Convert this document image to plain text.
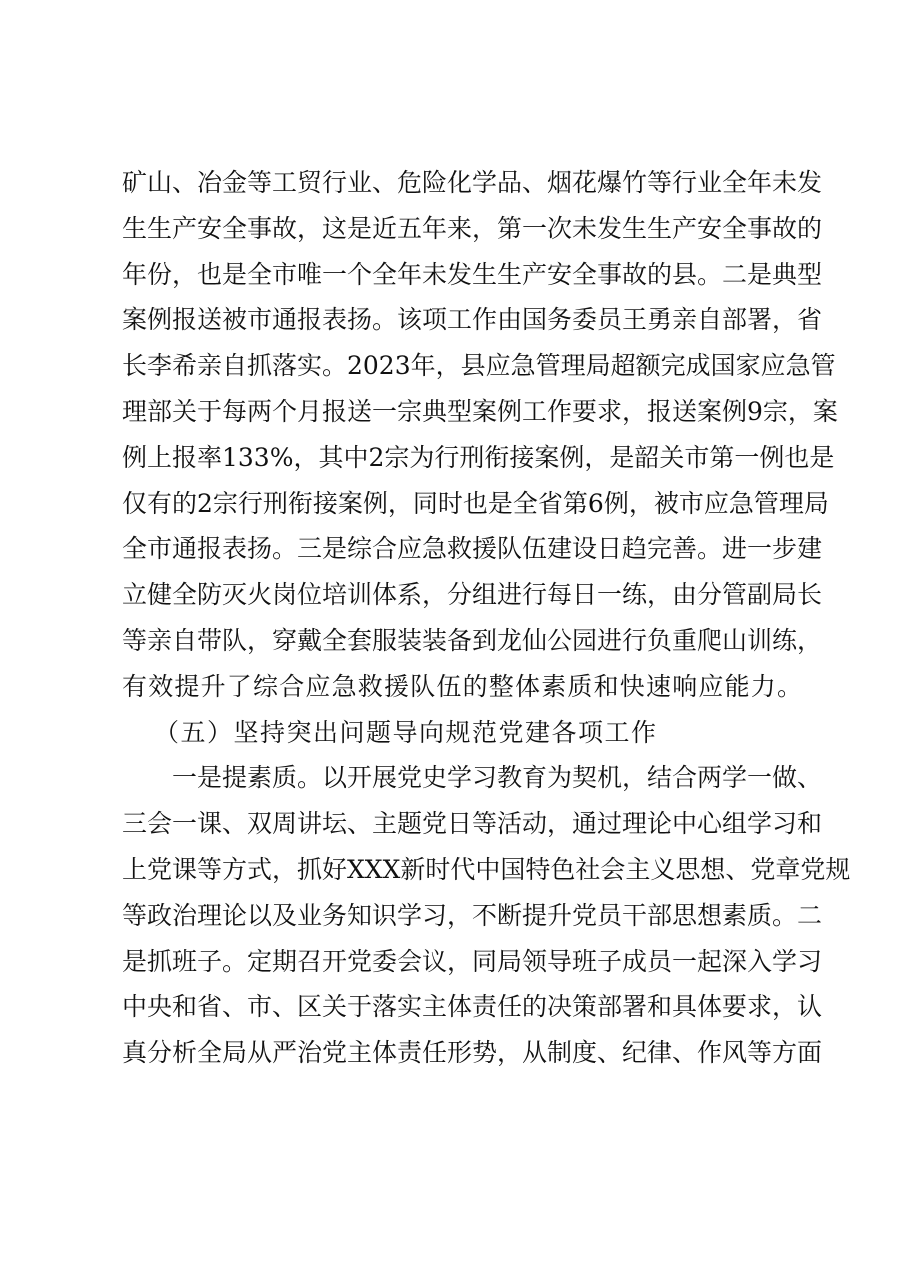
矿山、冶金等工贸行业、危险化学品、烟花爆竹等行业全年未发
生生产安全事故，这是近五年来，第一次未发生生产安全事故的
年份，也是全市唯一个全年未发生生产安全事故的县。二是典型
案例报送被市通报表扬。该项工作由国务委员王勇亲自部署，省
长李希亲自抓落实。2023年，县应急管理局超额完成国家应急管
理部关于每两个月报送一宗典型案例工作要求，报送案例9宗，案
例上报率133%，其中2宗为行刑衔接案例，是韶关市第一例也是
仅有的2宗行刑衔接案例，同时也是全省第6例，被市应急管理局
全市通报表扬。三是综合应急救援队伍建设日趋完善。进一步建
立健全防灭火岗位培训体系，分组进行每日一练，由分管副局长
等亲自带队，穿戴全套服装装备到龙仙公园进行负重爬山训练，
有效提升了综合应急救援队伍的整体素质和快速响应能力。
（五）坚持突出问题导向规范党建各项工作
一是提素质。以开展党史学习教育为契机，结合两学一做、
三会一课、双周讲坛、主题党日等活动，通过理论中心组学习和
上党课等方式，抓好XXX新时代中国特色社会主义思想、党章党规
等政治理论以及业务知识学习，不断提升党员干部思想素质。二
是抓班子。定期召开党委会议，同局领导班子成员一起深入学习
中央和省、市、区关于落实主体责任的决策部署和具体要求，认
真分析全局从严治党主体责任形势，从制度、纪律、作风等方面
